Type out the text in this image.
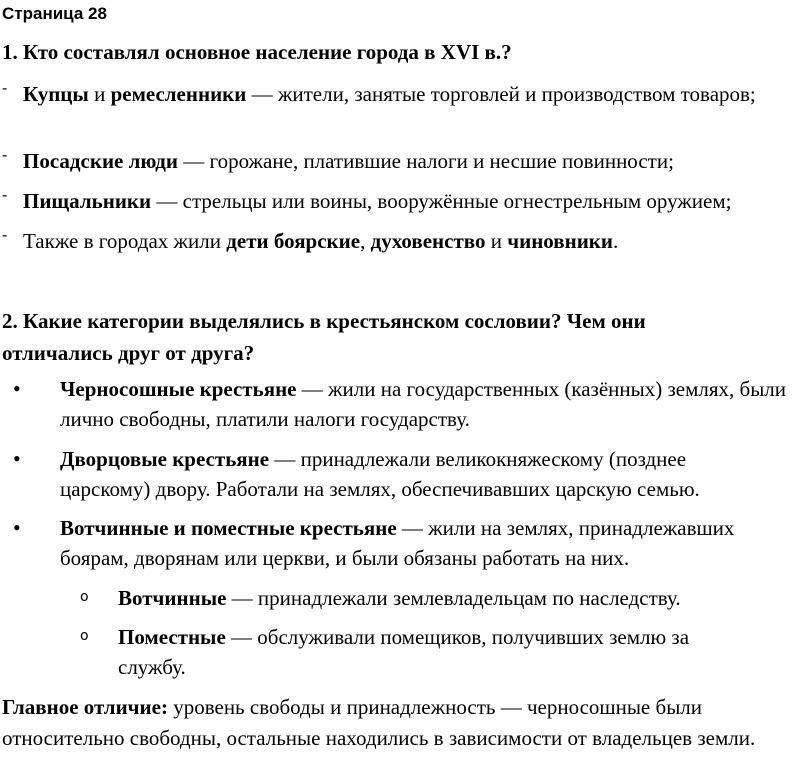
Страница 28

1. Кто составлял основное население города в XVI в.?

- Купцы и ремесленники — жители, занятые торговлей и производством товаров;
- Посадские люди — горожане, платившие налоги и несшие повинности;
- Пищальники — стрельцы или воины, вооружённые огнестрельным оружием;
- Также в городах жили дети боярские, духовенство и чиновники.

2. Какие категории выделялись в крестьянском сословии? Чем они отличались друг от друга?

•	Черносошные крестьяне — жили на государственных (казённых) землях, были лично свободны, платили налоги государству.
•	Дворцовые крестьяне — принадлежали великокняжескому (позднее царскому) двору. Работали на землях, обеспечивавших царскую семью.
•	Вотчинные и поместные крестьяне — жили на землях, принадлежавших боярам, дворянам или церкви, и были обязаны работать на них.
o	Вотчинные — принадлежали землевладельцам по наследству.
o	Поместные — обслуживали помещиков, получивших землю за службу.
Главное отличие: уровень свободы и принадлежность — черносошные были относительно свободны, остальные находились в зависимости от владельцев земли.
